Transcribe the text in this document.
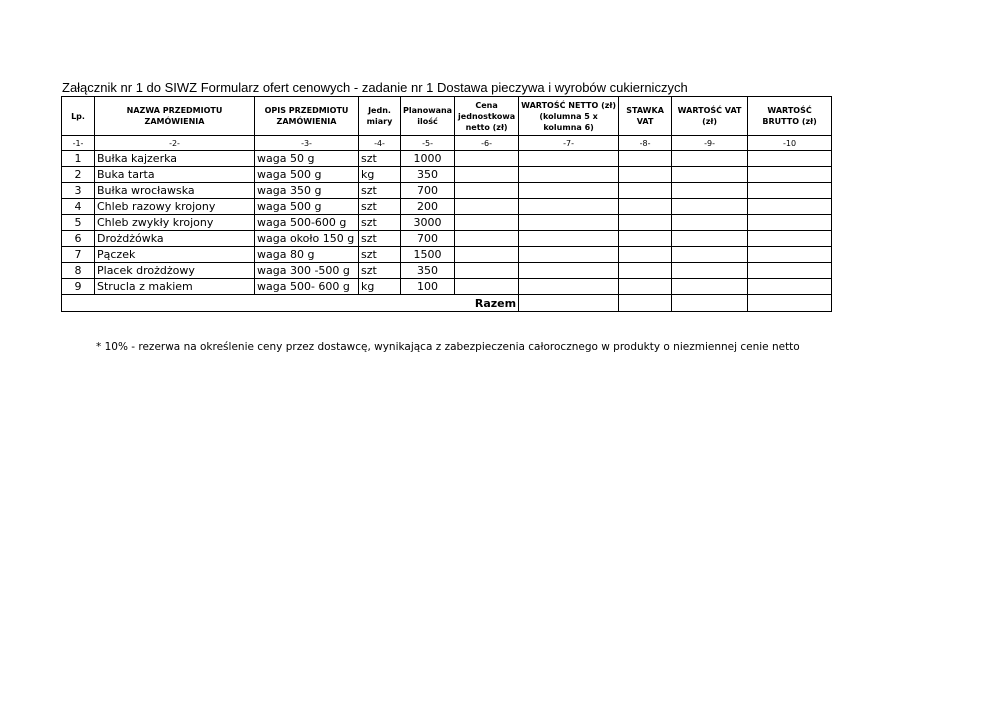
Załącznik nr 1 do SIWZ Formularz ofert cenowych - zadanie nr 1 Dostawa pieczywa i wyrobów cukierniczych
Lp.	NAZWA PRZEDMIOTU ZAMÓWIENIA	OPIS PRZEDMIOTU ZAMÓWIENIA	Jedn. miary	Planowana ilość	Cena jednostkowa netto (zł)	WARTOŚĆ NETTO (zł) (kolumna 5 x kolumna 6)	STAWKA VAT	WARTOŚĆ VAT (zł)	WARTOŚĆ BRUTTO (zł)
-1-	-2-	-3-	-4-	-5-	-6-	-7-	-8-	-9-	-10
1	Bułka kajzerka	waga 50 g	szt	1000					
2	Buka tarta	waga 500 g	kg	350					
3	Bułka wrocławska	waga 350 g	szt	700					
4	Chleb razowy krojony	waga 500 g	szt	200					
5	Chleb zwykły krojony	waga 500-600 g	szt	3000					
6	Drożdżówka	waga około 150 g	szt	700					
7	Pączek	waga 80 g	szt	1500					
8	Placek drożdżowy	waga 300 -500 g	szt	350					
9	Strucla z makiem	waga 500- 600 g	kg	100					
Razem									
* 10% - rezerwa na określenie ceny przez dostawcę, wynikająca z zabezpieczenia całorocznego w produkty o niezmiennej cenie netto
